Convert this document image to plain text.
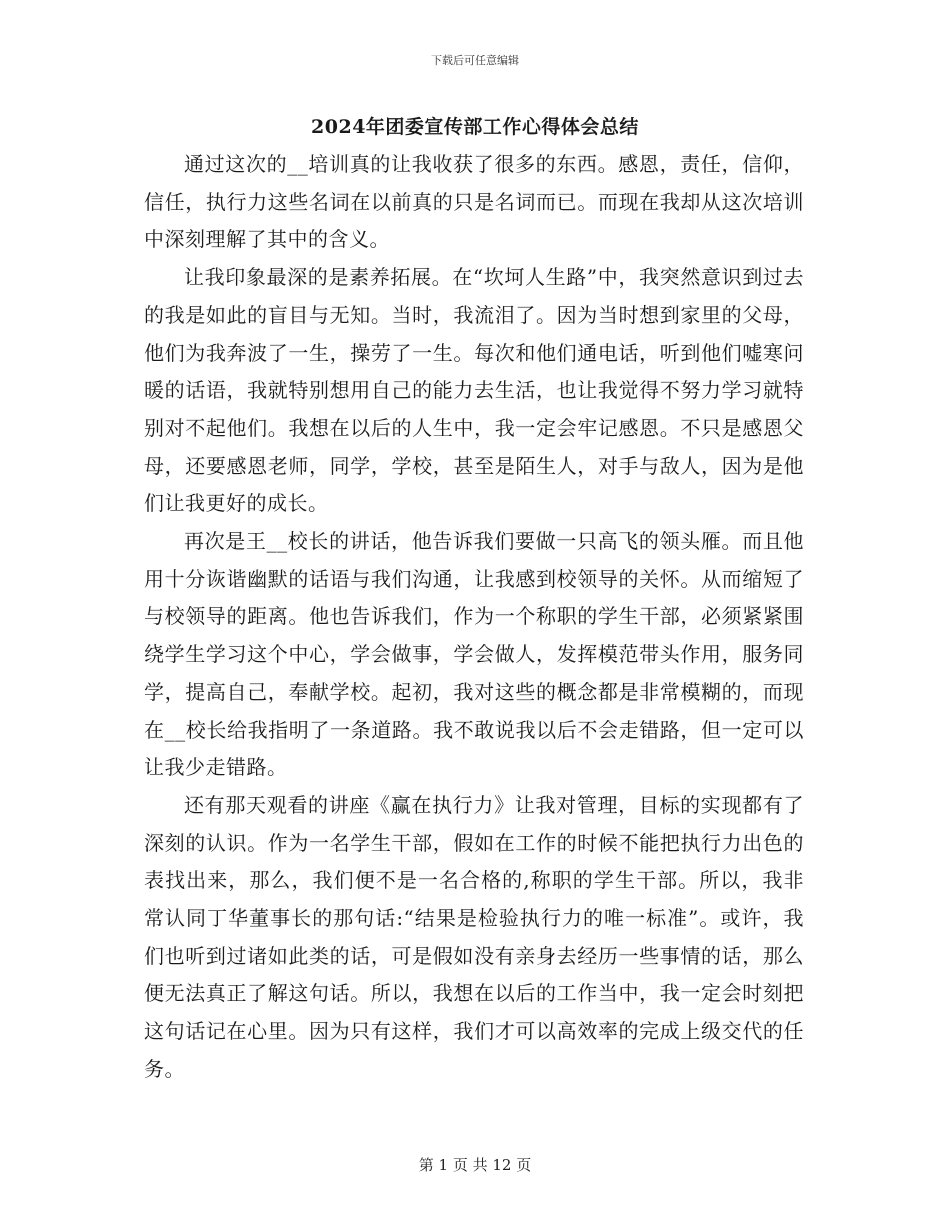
下载后可任意编辑
2024年团委宣传部工作心得体会总结

通过这次的__培训真的让我收获了很多的东西。感恩，责任，信仰，信任，执行力这些名词在以前真的只是名词而已。而现在我却从这次培训中深刻理解了其中的含义。

让我印象最深的是素养拓展。在“坎坷人生路”中，我突然意识到过去的我是如此的盲目与无知。当时，我流泪了。因为当时想到家里的父母，他们为我奔波了一生，操劳了一生。每次和他们通电话，听到他们嘘寒问暖的话语，我就特别想用自己的能力去生活，也让我觉得不努力学习就特别对不起他们。我想在以后的人生中，我一定会牢记感恩。不只是感恩父母，还要感恩老师，同学，学校，甚至是陌生人，对手与敌人，因为是他们让我更好的成长。

再次是王__校长的讲话，他告诉我们要做一只高飞的领头雁。而且他用十分诙谐幽默的话语与我们沟通，让我感到校领导的关怀。从而缩短了与校领导的距离。他也告诉我们，作为一个称职的学生干部，必须紧紧围绕学生学习这个中心，学会做事，学会做人，发挥模范带头作用，服务同学，提高自己，奉献学校。起初，我对这些的概念都是非常模糊的，而现在__校长给我指明了一条道路。我不敢说我以后不会走错路，但一定可以让我少走错路。

还有那天观看的讲座《赢在执行力》让我对管理，目标的实现都有了深刻的认识。作为一名学生干部，假如在工作的时候不能把执行力出色的表找出来，那么，我们便不是一名合格的,称职的学生干部。所以，我非常认同丁华董事长的那句话:“结果是检验执行力的唯一标准”。或许，我们也听到过诸如此类的话，可是假如没有亲身去经历一些事情的话，那么便无法真正了解这句话。所以，我想在以后的工作当中，我一定会时刻把这句话记在心里。因为只有这样，我们才可以高效率的完成上级交代的任务。

第 1 页 共 12 页
